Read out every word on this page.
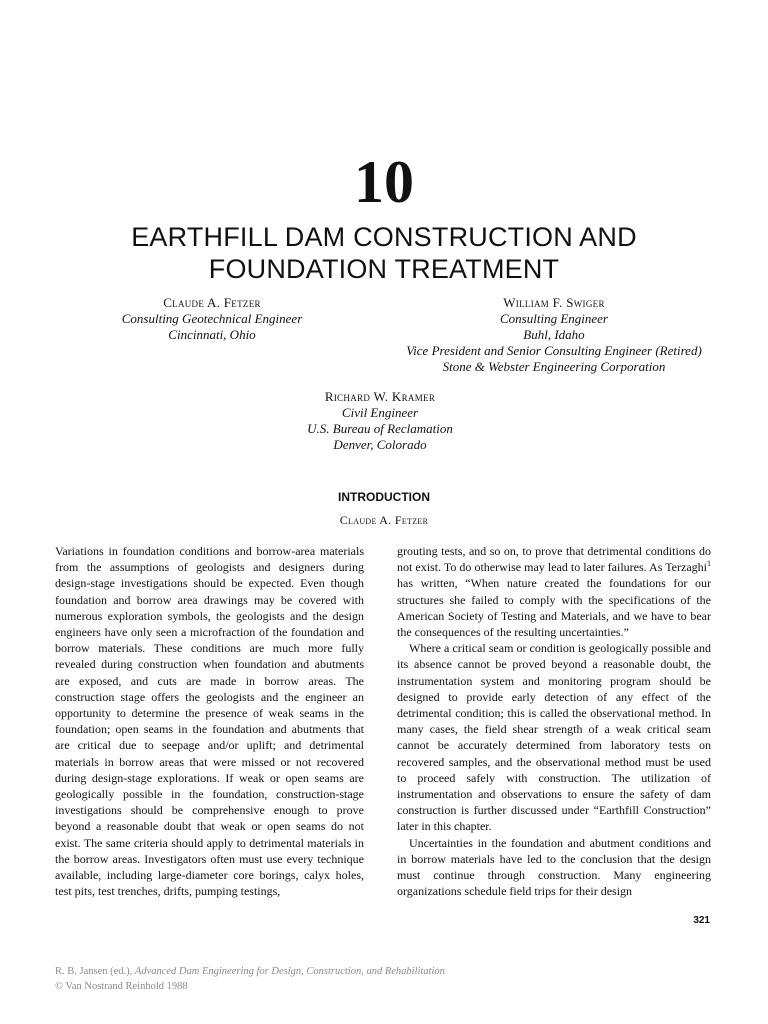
10
EARTHFILL DAM CONSTRUCTION AND
FOUNDATION TREATMENT
Claude A. Fetzer
Consulting Geotechnical Engineer
Cincinnati, Ohio
William F. Swiger
Consulting Engineer
Buhl, Idaho
Vice President and Senior Consulting Engineer (Retired)
Stone & Webster Engineering Corporation
Richard W. Kramer
Civil Engineer
U.S. Bureau of Reclamation
Denver, Colorado
INTRODUCTION
Claude A. Fetzer

Variations in foundation conditions and borrow-area materials from the assumptions of geologists and designers during design-stage investigations should be expected. Even though foundation and borrow area drawings may be covered with numerous exploration symbols, the geologists and the design engineers have only seen a microfraction of the foundation and borrow materials. These conditions are much more fully revealed during construction when foundation and abutments are exposed, and cuts are made in borrow areas. The construction stage offers the geologists and the engineer an opportunity to determine the presence of weak seams in the foundation; open seams in the foundation and abutments that are critical due to seepage and/or uplift; and detrimental materials in borrow areas that were missed or not recovered during design-stage explorations. If weak or open seams are geologically possible in the foundation, construction-stage investigations should be comprehensive enough to prove beyond a reasonable doubt that weak or open seams do not exist. The same criteria should apply to detrimental materials in the borrow areas. Investigators often must use every technique available, including large-diameter core borings, calyx holes, test pits, test trenches, drifts, pumping testings,

grouting tests, and so on, to prove that detrimental conditions do not exist. To do otherwise may lead to later failures. As Terzaghi$^1$ has written, “When nature created the foundations for our structures she failed to comply with the specifications of the American Society of Testing and Materials, and we have to bear the consequences of the resulting uncertainties.”

Where a critical seam or condition is geologically possible and its absence cannot be proved beyond a reasonable doubt, the instrumentation system and monitoring program should be designed to provide early detection of any effect of the detrimental condition; this is called the observational method. In many cases, the field shear strength of a weak critical seam cannot be accurately determined from laboratory tests on recovered samples, and the observational method must be used to proceed safely with construction. The utilization of instrumentation and observations to ensure the safety of dam construction is further discussed under “Earthfill Construction” later in this chapter.

Uncertainties in the foundation and abutment conditions and in borrow materials have led to the conclusion that the design must continue through construction. Many engineering organizations schedule field trips for their design

321
R. B. Jansen (ed.), Advanced Dam Engineering for Design, Construction, and Rehabilitation
© Van Nostrand Reinhold 1988
